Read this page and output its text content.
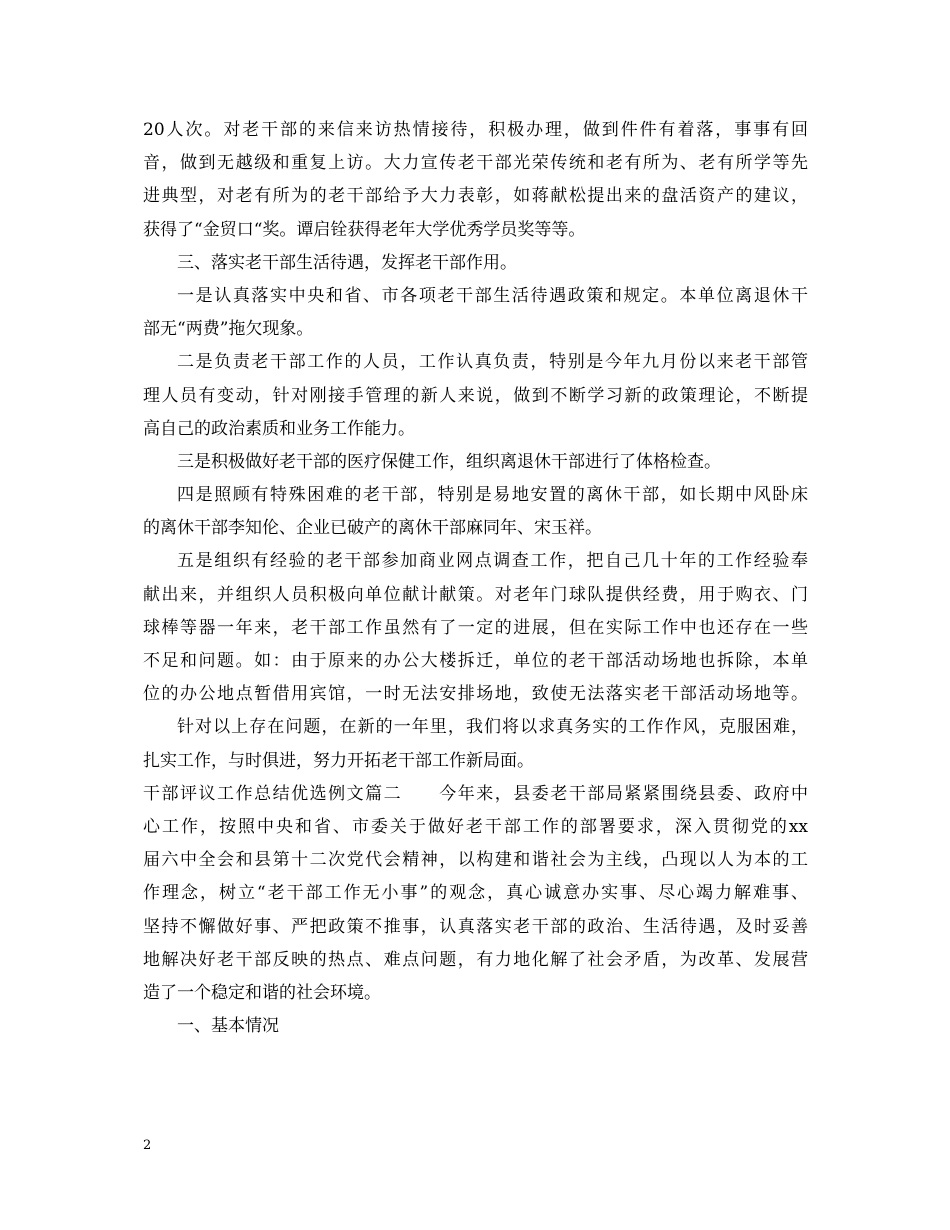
20人次。对老干部的来信来访热情接待，积极办理，做到件件有着落，事事有回
音，做到无越级和重复上访。大力宣传老干部光荣传统和老有所为、老有所学等先
进典型，对老有所为的老干部给予大力表彰，如蒋献松提出来的盘活资产的建议，
获得了“金贸口“奖。谭启铨获得老年大学优秀学员奖等等。
三、落实老干部生活待遇，发挥老干部作用。
一是认真落实中央和省、市各项老干部生活待遇政策和规定。本单位离退休干
部无“两费”拖欠现象。
二是负责老干部工作的人员，工作认真负责，特别是今年九月份以来老干部管
理人员有变动，针对刚接手管理的新人来说，做到不断学习新的政策理论，不断提
高自己的政治素质和业务工作能力。
三是积极做好老干部的医疗保健工作，组织离退休干部进行了体格检查。
四是照顾有特殊困难的老干部，特别是易地安置的离休干部，如长期中风卧床
的离休干部李知伦、企业已破产的离休干部麻同年、宋玉祥。
五是组织有经验的老干部参加商业网点调查工作，把自己几十年的工作经验奉
献出来，并组织人员积极向单位献计献策。对老年门球队提供经费，用于购衣、门
球棒等器一年来，老干部工作虽然有了一定的进展，但在实际工作中也还存在一些
不足和问题。如：由于原来的办公大楼拆迁，单位的老干部活动场地也拆除，本单
位的办公地点暂借用宾馆，一时无法安排场地，致使无法落实老干部活动场地等。
针对以上存在问题，在新的一年里，我们将以求真务实的工作作风，克服困难，
扎实工作，与时俱进，努力开拓老干部工作新局面。
干部评议工作总结优选例文篇二　　今年来，县委老干部局紧紧围绕县委、政府中
心工作，按照中央和省、市委关于做好老干部工作的部署要求，深入贯彻党的xx
届六中全会和县第十二次党代会精神，以构建和谐社会为主线，凸现以人为本的工
作理念，树立“老干部工作无小事”的观念，真心诚意办实事、尽心竭力解难事、
坚持不懈做好事、严把政策不推事，认真落实老干部的政治、生活待遇，及时妥善
地解决好老干部反映的热点、难点问题，有力地化解了社会矛盾，为改革、发展营
造了一个稳定和谐的社会环境。
一、基本情况
2
